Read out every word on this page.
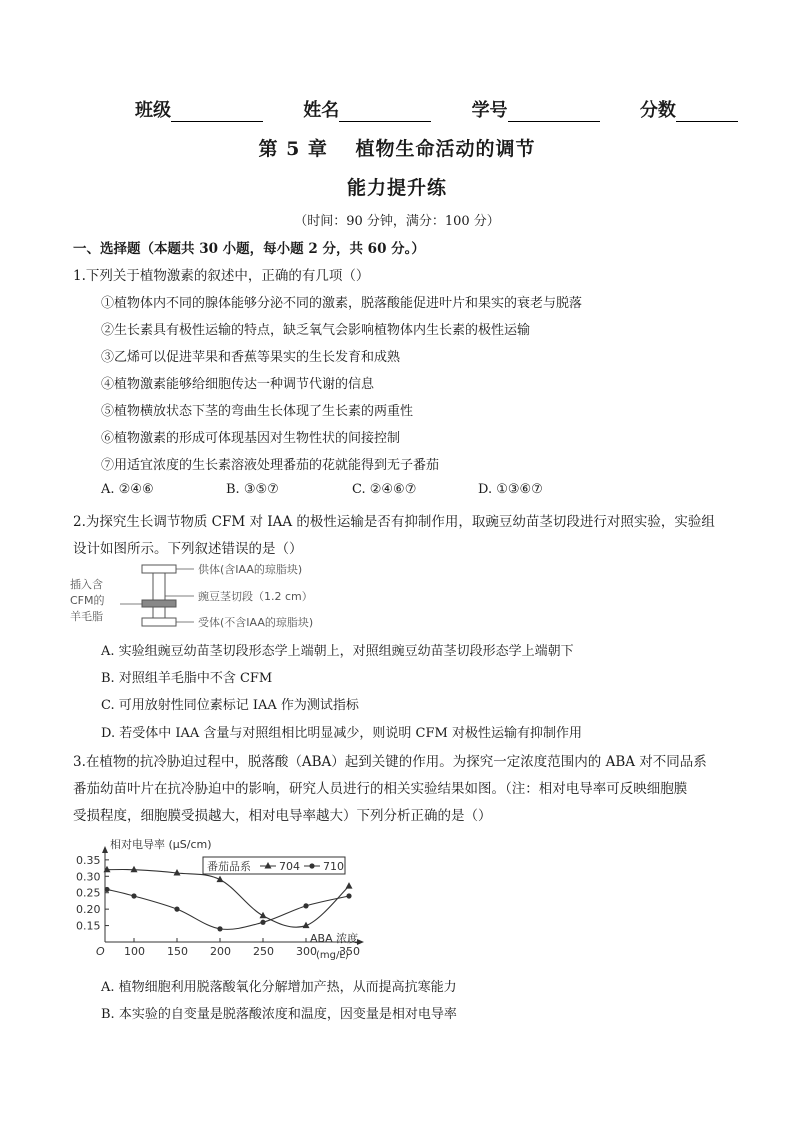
班级	姓名	学号	分数
第 5 章　 植物生命活动的调节
能力提升练
（时间：90 分钟，满分：100 分）
一、选择题（本题共 30 小题，每小题 2 分，共 60 分。）
1.下列关于植物激素的叙述中，正确的有几项（）
①植物体内不同的腺体能够分泌不同的激素，脱落酸能促进叶片和果实的衰老与脱落
②生长素具有极性运输的特点，缺乏氧气会影响植物体内生长素的极性运输
③乙烯可以促进苹果和香蕉等果实的生长发育和成熟
④植物激素能够给细胞传达一种调节代谢的信息
⑤植物横放状态下茎的弯曲生长体现了生长素的两重性
⑥植物激素的形成可体现基因对生物性状的间接控制
⑦用适宜浓度的生长素溶液处理番茄的花就能得到无子番茄
A. ②④⑥	B. ③⑤⑦	C. ②④⑥⑦	D. ①③⑥⑦
2.为探究生长调节物质 CFM 对 IAA 的极性运输是否有抑制作用，取豌豆幼苗茎切段进行对照实验，实验组
设计如图所示。下列叙述错误的是（）
插入含
CFM的
羊毛脂
供体(含IAA的琼脂块)
豌豆茎切段（1.2 cm）
受体(不含IAA的琼脂块)
A. 实验组豌豆幼苗茎切段形态学上端朝上，对照组豌豆幼苗茎切段形态学上端朝下
B. 对照组羊毛脂中不含 CFM
C. 可用放射性同位素标记 IAA 作为测试指标
D. 若受体中 IAA 含量与对照组相比明显减少，则说明 CFM 对极性运输有抑制作用
3.在植物的抗冷胁迫过程中，脱落酸（ABA）起到关键的作用。为探究一定浓度范围内的 ABA 对不同品系
番茄幼苗叶片在抗冷胁迫中的影响，研究人员进行的相关实验结果如图。（注：相对电导率可反映细胞膜
受损程度，细胞膜受损越大，相对电导率越大）下列分析正确的是（）
相对电导率 (μS/cm)
ABA 浓度
(mg/L)
0.15
0.20
0.25
0.30
0.35
O 100 150 200 250 300 350
番茄品系	704 710
A. 植物细胞利用脱落酸氧化分解增加产热，从而提高抗寒能力
B. 本实验的自变量是脱落酸浓度和温度，因变量是相对电导率
